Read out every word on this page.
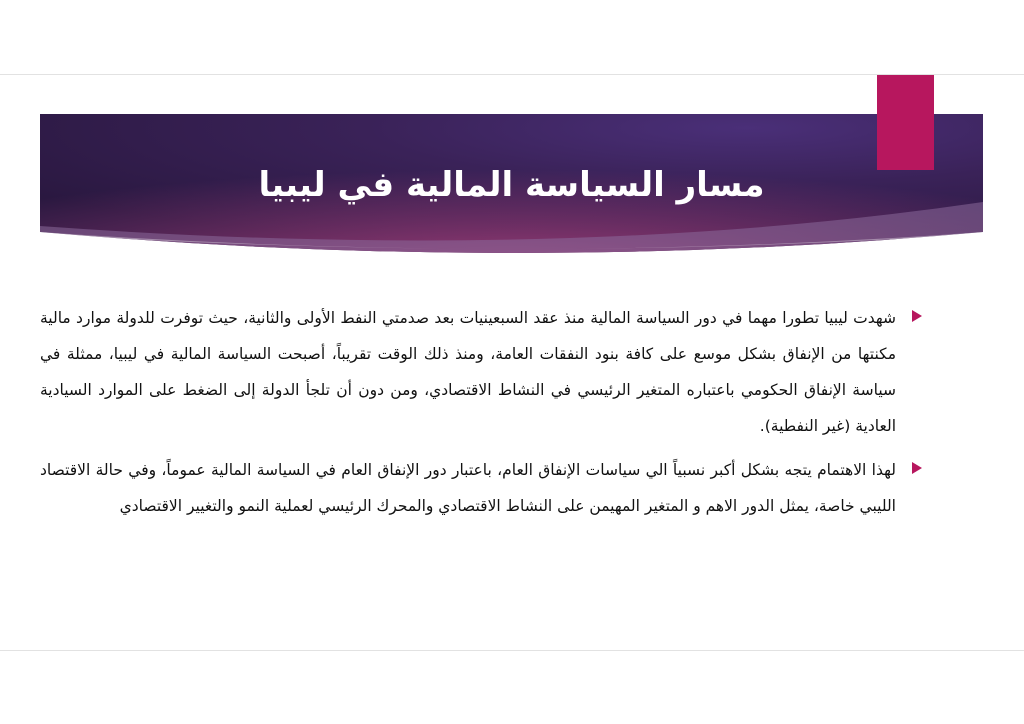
مسار السياسة المالية في ليبيا

شهدت ليبيا تطورا مهما في دور السياسة المالية منذ عقد السبعينيات بعد صدمتي النفط الأولى والثانية، حيث توفرت للدولة موارد مالية مكنتها من الإنفاق بشكل موسع على كافة بنود النفقات العامة، ومنذ ذلك الوقت تقريباً، أصبحت السياسة المالية في ليبيا، ممثلة في سياسة الإنفاق الحكومي باعتباره المتغير الرئيسي في النشاط الاقتصادي، ومن دون أن تلجأ الدولة إلى الضغط على الموارد السيادية العادية (غير النفطية).

لهذا الاهتمام يتجه بشكل أكبر نسبياً الي سياسات الإنفاق العام، باعتبار دور الإنفاق العام في السياسة المالية عموماً، وفي حالة الاقتصاد الليبي خاصة، يمثل الدور الاهم و المتغير المهيمن على النشاط الاقتصادي والمحرك الرئيسي لعملية النمو والتغيير الاقتصادي
